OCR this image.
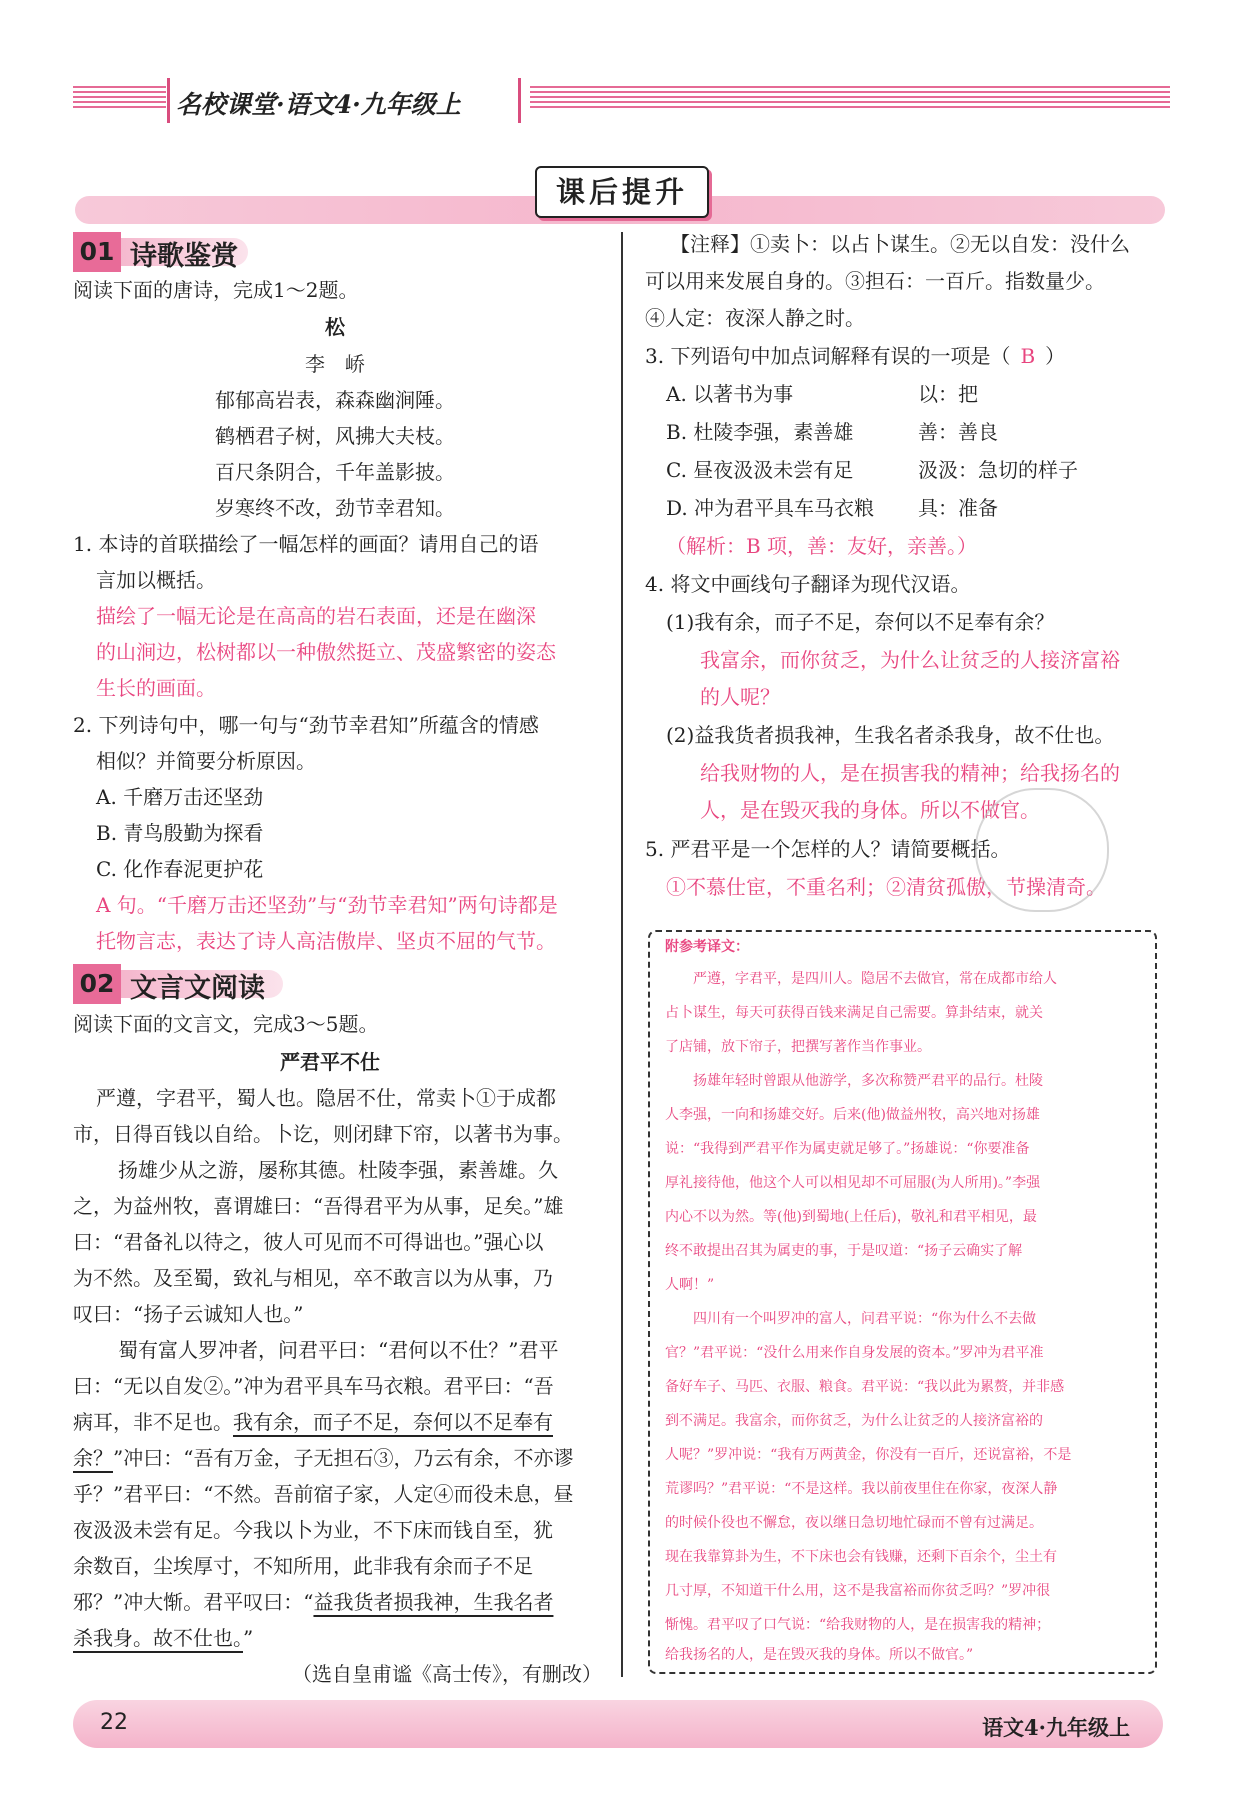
名校课堂·语文4·九年级上
课后提升
01 诗歌鉴赏
阅读下面的唐诗，完成1～2题。
松
李　峤
郁郁高岩表，森森幽涧陲。
鹤栖君子树，风拂大夫枝。
百尺条阴合，千年盖影披。
岁寒终不改，劲节幸君知。
1. 本诗的首联描绘了一幅怎样的画面？请用自己的语
言加以概括。
描绘了一幅无论是在高高的岩石表面，还是在幽深
的山涧边，松树都以一种傲然挺立、茂盛繁密的姿态
生长的画面。
2. 下列诗句中，哪一句与“劲节幸君知”所蕴含的情感
相似？并简要分析原因。
A. 千磨万击还坚劲
B. 青鸟殷勤为探看
C. 化作春泥更护花
A 句。“千磨万击还坚劲”与“劲节幸君知”两句诗都是
托物言志，表达了诗人高洁傲岸、坚贞不屈的气节。
02 文言文阅读
阅读下面的文言文，完成3～5题。
严君平不仕
严遵，字君平，蜀人也。隐居不仕，常卖卜①于成都
市，日得百钱以自给。卜讫，则闭肆下帘，以著书为事。
扬雄少从之游，屡称其德。杜陵李强，素善雄。久
之，为益州牧，喜谓雄曰：“吾得君平为从事，足矣。”雄
曰：“君备礼以待之，彼人可见而不可得诎也。”强心以
为不然。及至蜀，致礼与相见，卒不敢言以为从事，乃
叹曰：“扬子云诚知人也。”
蜀有富人罗冲者，问君平曰：“君何以不仕？”君平
曰：“无以自发②。”冲为君平具车马衣粮。君平曰：“吾
病耳，非不足也。我有余，而子不足，奈何以不足奉有
余？”冲曰：“吾有万金，子无担石③，乃云有余，不亦谬
乎？”君平曰：“不然。吾前宿子家，人定④而役未息，昼
夜汲汲未尝有足。今我以卜为业，不下床而钱自至，犹
余数百，尘埃厚寸，不知所用，此非我有余而子不足
邪？”冲大惭。君平叹曰：“益我货者损我神，生我名者
杀我身。故不仕也。”
（选自皇甫谧《高士传》，有删改）
【注释】①卖卜：以占卜谋生。②无以自发：没什么
可以用来发展自身的。③担石：一百斤。指数量少。
④人定：夜深人静之时。
3. 下列语句中加点词解释有误的一项是（ B ）
A. 以著书为事	以：把
B. 杜陵李强，素善雄	善：善良
C. 昼夜汲汲未尝有足	汲汲：急切的样子
D. 冲为君平具车马衣粮 具：准备
（解析：B 项，善：友好，亲善。）
4. 将文中画线句子翻译为现代汉语。
(1)我有余，而子不足，奈何以不足奉有余？
我富余，而你贫乏，为什么让贫乏的人接济富裕
的人呢？
(2)益我货者损我神，生我名者杀我身，故不仕也。
给我财物的人，是在损害我的精神；给我扬名的
人，是在毁灭我的身体。所以不做官。
5. 严君平是一个怎样的人？请简要概括。
①不慕仕宦，不重名利；②清贫孤傲，节操清奇。
附参考译文：
　　严遵，字君平，是四川人。隐居不去做官，常在成都市给人
占卜谋生，每天可获得百钱来满足自己需要。算卦结束，就关
了店铺，放下帘子，把撰写著作当作事业。
　　扬雄年轻时曾跟从他游学，多次称赞严君平的品行。杜陵
人李强，一向和扬雄交好。后来(他)做益州牧，高兴地对扬雄
说：“我得到严君平作为属吏就足够了。”扬雄说：“你要准备
厚礼接待他，他这个人可以相见却不可屈服(为人所用)。”李强
内心不以为然。等(他)到蜀地(上任后)，敬礼和君平相见，最
终不敢提出召其为属吏的事，于是叹道：“扬子云确实了解
人啊！”
　　四川有一个叫罗冲的富人，问君平说：“你为什么不去做
官？”君平说：“没什么用来作自身发展的资本。”罗冲为君平准
备好车子、马匹、衣服、粮食。君平说：“我以此为累赘，并非感
到不满足。我富余，而你贫乏，为什么让贫乏的人接济富裕的
人呢？”罗冲说：“我有万两黄金，你没有一百斤，还说富裕，不是
荒谬吗？”君平说：“不是这样。我以前夜里住在你家，夜深人静
的时候仆役也不懈怠，夜以继日急切地忙碌而不曾有过满足。
现在我靠算卦为生，不下床也会有钱赚，还剩下百余个，尘土有
几寸厚，不知道干什么用，这不是我富裕而你贫乏吗？”罗冲很
惭愧。君平叹了口气说：“给我财物的人，是在损害我的精神；
给我扬名的人，是在毁灭我的身体。所以不做官。”
22	语文4·九年级上
